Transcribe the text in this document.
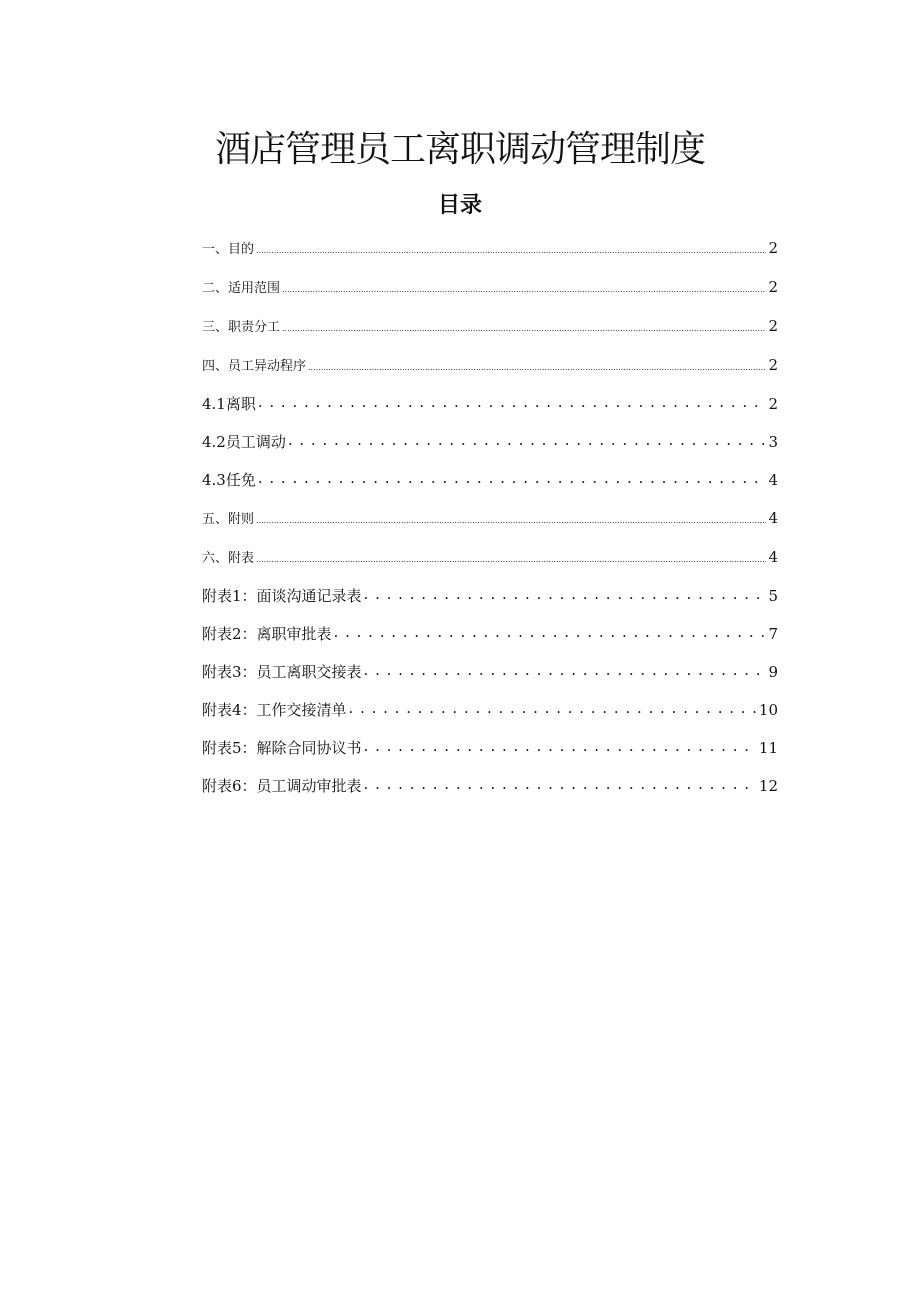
酒店管理员工离职调动管理制度
目录
一、目的 .....	2
二、适用范围 .....	2
三、职责分工 .....	2
四、员工异动程序 .....	2
4.1离职 . . .	2
4.2员工调动 . . .	3
4.3任免 . . .	4
五、附则 .....	4
六、附表 .....	4
附表1：面谈沟通记录表 . . .	5
附表2：离职审批表 . . .	7
附表3：员工离职交接表 . . .	9
附表4：工作交接清单 . . .	10
附表5：解除合同协议书 . . .	11
附表6：员工调动审批表 . . .	12
